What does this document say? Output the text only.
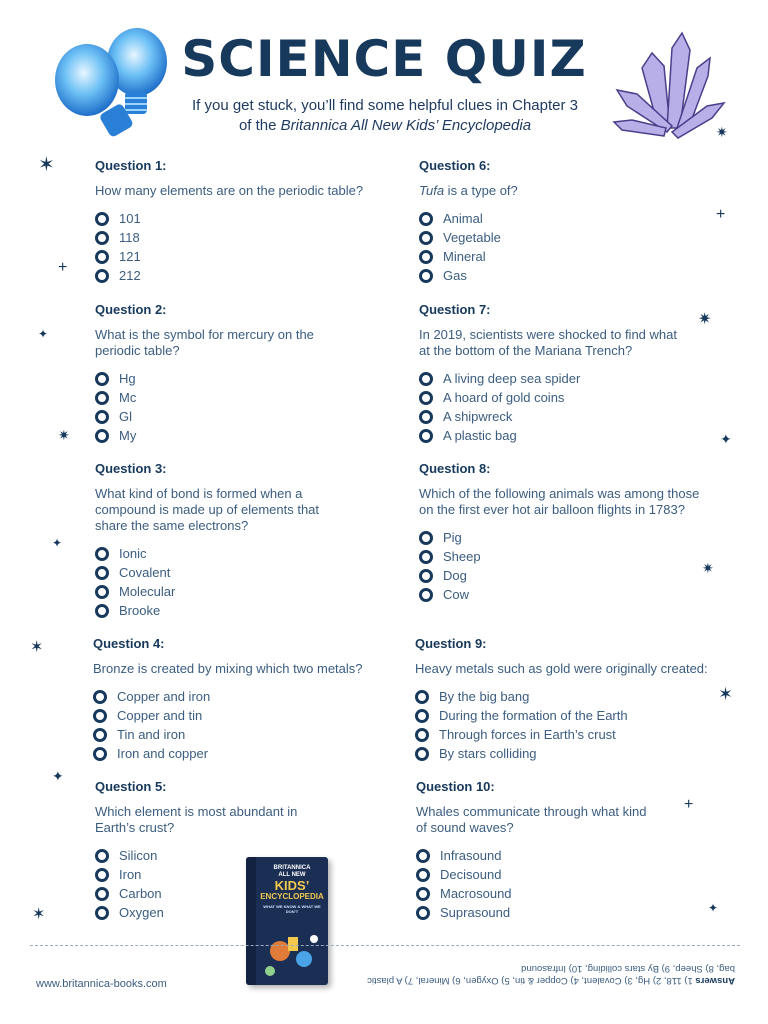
SCIENCE QUIZ
If you get stuck, you’ll find some helpful clues in Chapter 3
of the Britannica All New Kids’ Encyclopedia
Question 1:
How many elements are on the periodic table?
101
118
121
212
Question 2:
What is the symbol for mercury on the periodic table?
Hg
Mc
Gl
My
Question 3:
What kind of bond is formed when a compound is made up of elements that share the same electrons?
Ionic
Covalent
Molecular
Brooke
Question 4:
Bronze is created by mixing which two metals?
Copper and iron
Copper and tin
Tin and iron
Iron and copper
Question 5:
Which element is most abundant in Earth’s crust?
Silicon
Iron
Carbon
Oxygen
Question 6:
Tufa is a type of?
Animal
Vegetable
Mineral
Gas
Question 7:
In 2019, scientists were shocked to find what at the bottom of the Mariana Trench?
A living deep sea spider
A hoard of gold coins
A shipwreck
A plastic bag
Question 8:
Which of the following animals was among those on the first ever hot air balloon flights in 1783?
Pig
Sheep
Dog
Cow
Question 9:
Heavy metals such as gold were originally created:
By the big bang
During the formation of the Earth
Through forces in Earth’s crust
By stars colliding
Question 10:
Whales communicate through what kind of sound waves?
Infrasound
Decisound
Macrosound
Suprasound
BRITANNICA
ALL NEW
KIDS’
ENCYCLOPEDIA
WHAT WE KNOW & WHAT WE DON’T
www.britannica-books.com	Answers 1) 118, 2) Hg, 3) Covalent, 4) Copper & tin, 5) Oxygen, 6) Mineral, 7) A plastic bag, 8) Sheep, 9) By stars colliding, 10) Infrasound
✶
+
✦
✷
✦
✶
✦
✶
✷
+
✷
✦
✷
✶
+
✦
